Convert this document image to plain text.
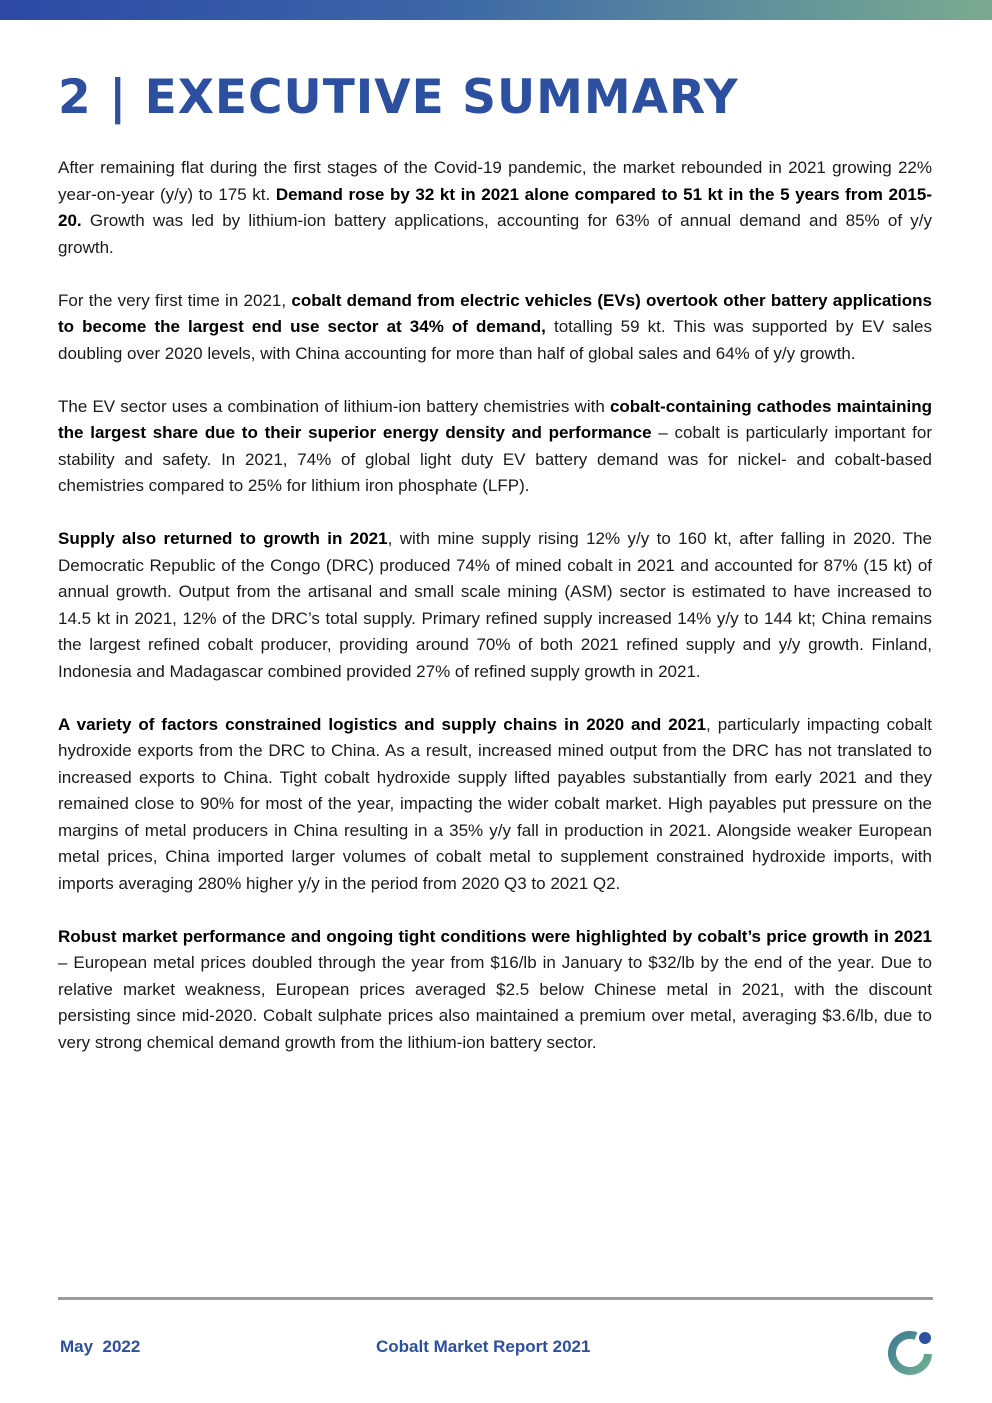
2 | EXECUTIVE SUMMARY

After remaining flat during the first stages of the Covid-19 pandemic, the market rebounded in 2021 growing 22% year-on-year (y/y) to 175 kt. Demand rose by 32 kt in 2021 alone compared to 51 kt in the 5 years from 2015-20. Growth was led by lithium-ion battery applications, accounting for 63% of annual demand and 85% of y/y growth.

For the very first time in 2021, cobalt demand from electric vehicles (EVs) overtook other battery applications to become the largest end use sector at 34% of demand, totalling 59 kt. This was supported by EV sales doubling over 2020 levels, with China accounting for more than half of global sales and 64% of y/y growth.

The EV sector uses a combination of lithium-ion battery chemistries with cobalt-containing cathodes maintaining the largest share due to their superior energy density and performance – cobalt is particularly important for stability and safety. In 2021, 74% of global light duty EV battery demand was for nickel- and cobalt-based chemistries compared to 25% for lithium iron phosphate (LFP).

Supply also returned to growth in 2021, with mine supply rising 12% y/y to 160 kt, after falling in 2020. The Democratic Republic of the Congo (DRC) produced 74% of mined cobalt in 2021 and accounted for 87% (15 kt) of annual growth. Output from the artisanal and small scale mining (ASM) sector is estimated to have increased to 14.5 kt in 2021, 12% of the DRC’s total supply. Primary refined supply increased 14% y/y to 144 kt; China remains the largest refined cobalt producer, providing around 70% of both 2021 refined supply and y/y growth. Finland, Indonesia and Madagascar combined provided 27% of refined supply growth in 2021.

A variety of factors constrained logistics and supply chains in 2020 and 2021, particularly impacting cobalt hydroxide exports from the DRC to China. As a result, increased mined output from the DRC has not translated to increased exports to China. Tight cobalt hydroxide supply lifted payables substantially from early 2021 and they remained close to 90% for most of the year, impacting the wider cobalt market. High payables put pressure on the margins of metal producers in China resulting in a 35% y/y fall in production in 2021. Alongside weaker European metal prices, China imported larger volumes of cobalt metal to supplement constrained hydroxide imports, with imports averaging 280% higher y/y in the period from 2020 Q3 to 2021 Q2.

Robust market performance and ongoing tight conditions were highlighted by cobalt’s price growth in 2021 – European metal prices doubled through the year from $16/lb in January to $32/lb by the end of the year. Due to relative market weakness, European prices averaged $2.5 below Chinese metal in 2021, with the discount persisting since mid-2020. Cobalt sulphate prices also maintained a premium over metal, averaging $3.6/lb, due to very strong chemical demand growth from the lithium-ion battery sector.

May  2022	Cobalt Market Report 2021
